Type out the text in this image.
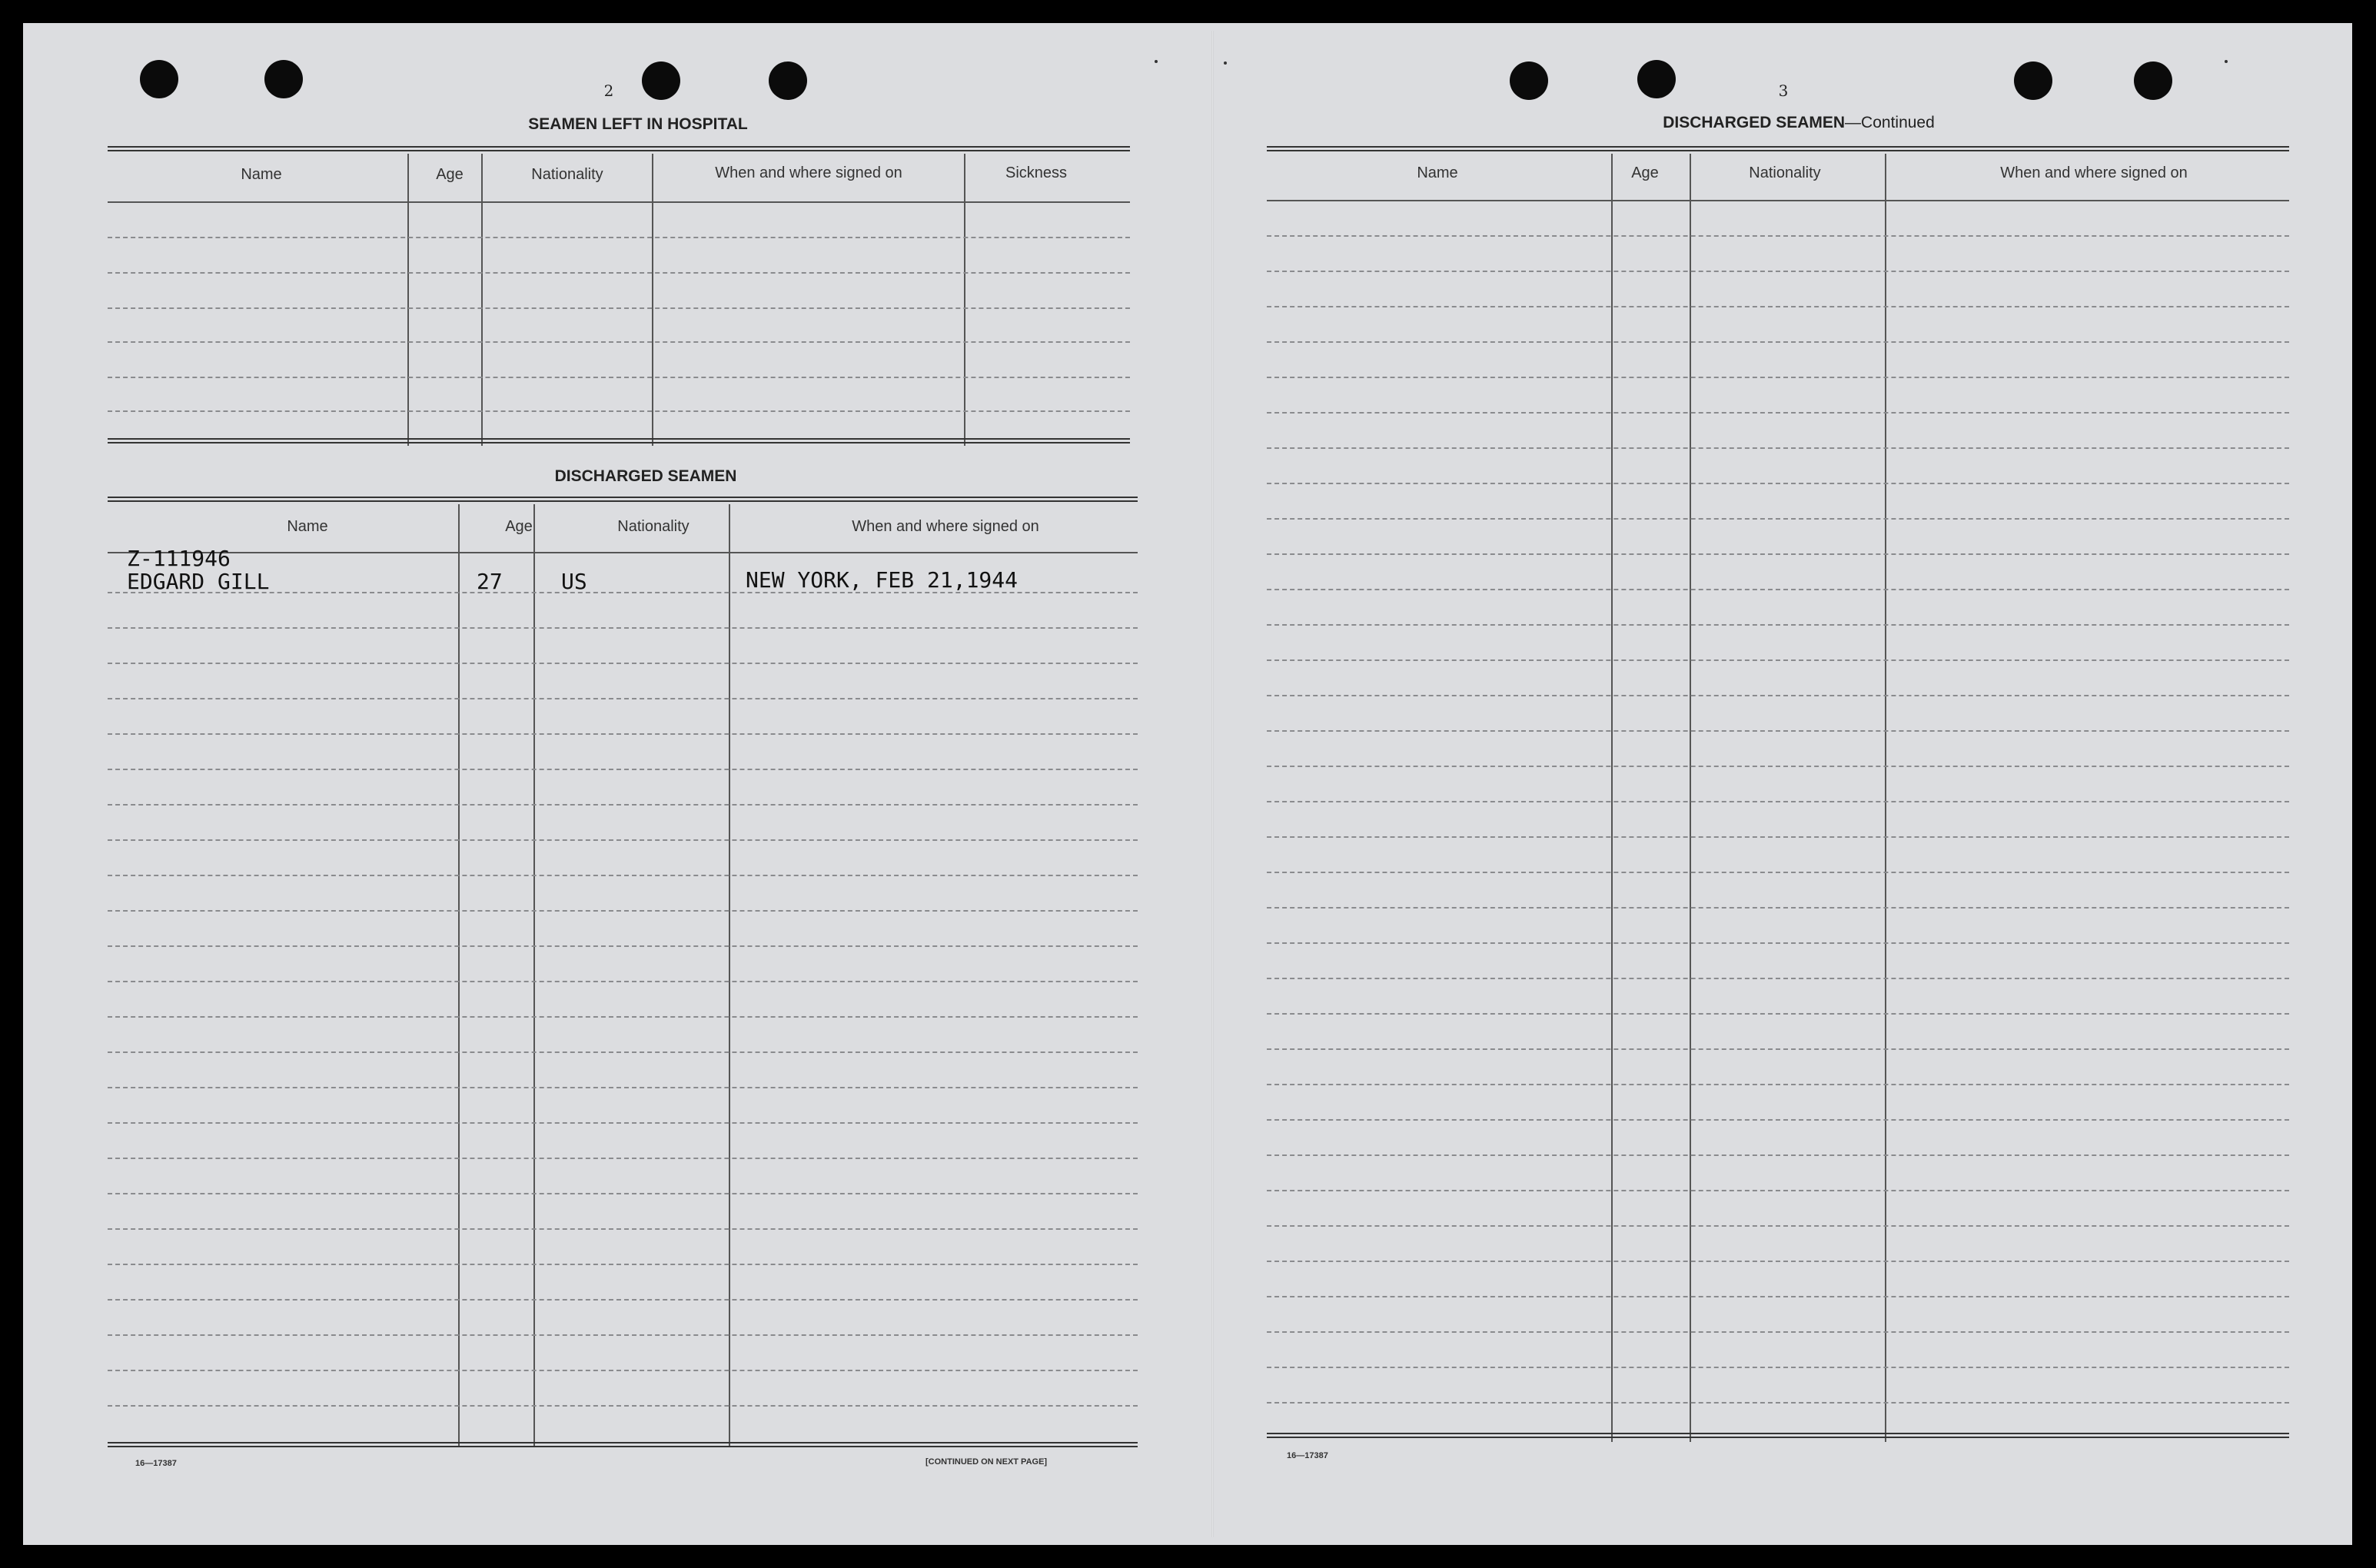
2
SEAMEN LEFT IN HOSPITAL
Name	Age	Nationality	When and where signed on	Sickness
DISCHARGED SEAMEN
Name	Age	Nationality	When and where signed on
Z-111946
EDGARD GILL	27	US	NEW YORK, FEB 21,1944
16—17387	[CONTINUED ON NEXT PAGE]
3
DISCHARGED SEAMEN—Continued
Name	Age	Nationality	When and where signed on
16—17387
